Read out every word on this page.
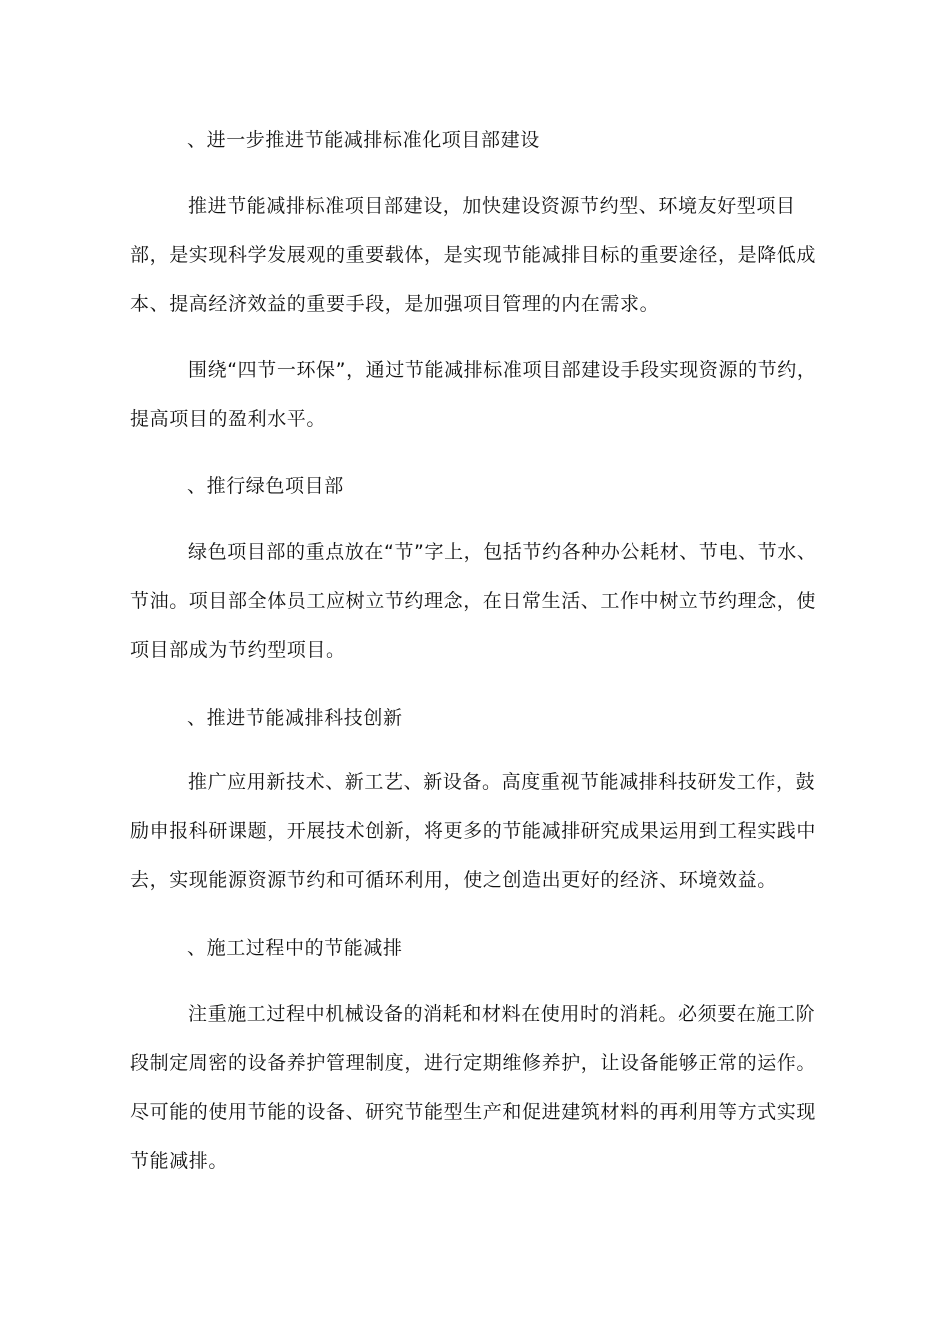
、进一步推进节能减排标准化项目部建设

推进节能减排标准项目部建设，加快建设资源节约型、环境友好型项目部，是实现科学发展观的重要载体，是实现节能减排目标的重要途径，是降低成本、提高经济效益的重要手段，是加强项目管理的内在需求。

围绕“四节一环保”，通过节能减排标准项目部建设手段实现资源的节约，提高项目的盈利水平。

、推行绿色项目部

绿色项目部的重点放在“节”字上，包括节约各种办公耗材、节电、节水、节油。项目部全体员工应树立节约理念，在日常生活、工作中树立节约理念，使项目部成为节约型项目。

、推进节能减排科技创新

推广应用新技术、新工艺、新设备。高度重视节能减排科技研发工作，鼓励申报科研课题，开展技术创新，将更多的节能减排研究成果运用到工程实践中去，实现能源资源节约和可循环利用，使之创造出更好的经济、环境效益。

、施工过程中的节能减排

注重施工过程中机械设备的消耗和材料在使用时的消耗。必须要在施工阶段制定周密的设备养护管理制度，进行定期维修养护，让设备能够正常的运作。尽可能的使用节能的设备、研究节能型生产和促进建筑材料的再利用等方式实现节能减排。
